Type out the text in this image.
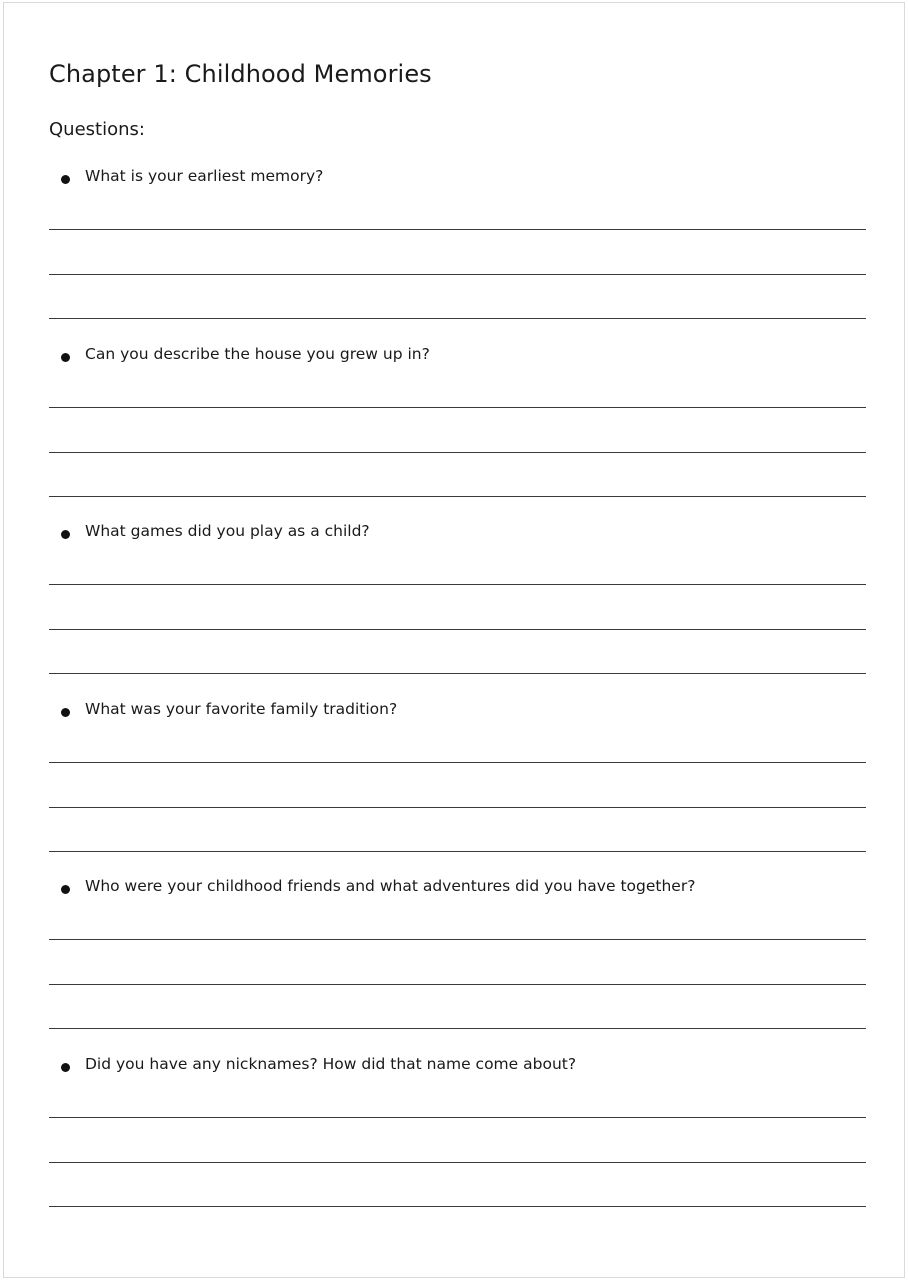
Chapter 1: Childhood Memories
Questions:
What is your earliest memory?
Can you describe the house you grew up in?
What games did you play as a child?
What was your favorite family tradition?
Who were your childhood friends and what adventures did you have together?
Did you have any nicknames? How did that name come about?
